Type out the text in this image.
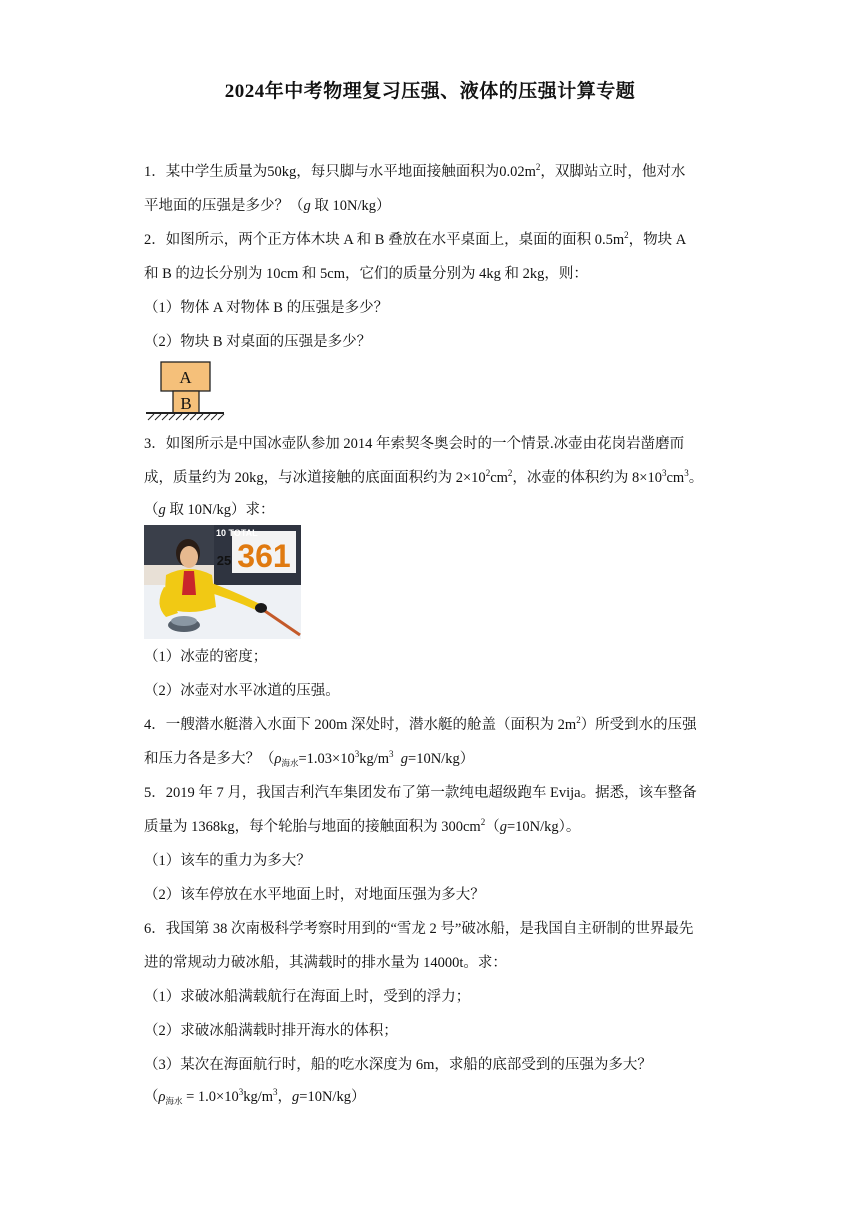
2024年中考物理复习压强、液体的压强计算专题
1．某中学生质量为50kg，每只脚与水平地面接触面积为$0.02m^2$，双脚站立时，他对水
平地面的压强是多少？（g 取 10N/kg）
2．如图所示，两个正方体木块 A 和 B 叠放在水平桌面上，桌面的面积 $0.5m^2$，物块 A
和 B 的边长分别为 10cm 和 5cm，它们的质量分别为 4kg 和 2kg，则：
（1）物体 A 对物体 B 的压强是多少？
（2）物块 B 对桌面的压强是多少？
A
B
3．如图所示是中国冰壶队参加 2014 年索契冬奥会时的一个情景.冰壶由花岗岩凿磨而
成，质量约为 20kg，与冰道接触的底面面积约为 $2\times 10^2cm^2$，冰壶的体积约为 $8\times 10^3cm^3$。
（g 取 10N/kg）求：
361
25
10 TOTAL
（1）冰壶的密度；
（2）冰壶对水平冰道的压强。
4．一艘潜水艇潜入水面下 200m 深处时，潜水艇的舱盖（面积为 $2m^2$）所受到水的压强
和压力各是多大？（$\rho_{海水}=1.03\times 10^3kg/m^3$ g=10N/kg）
5．2019 年 7 月，我国吉利汽车集团发布了第一款纯电超级跑车 Evija。据悉，该车整备
质量为 1368kg，每个轮胎与地面的接触面积为 $300cm^2(g=10N/kg)$。
（1）该车的重力为多大？
（2）该车停放在水平地面上时，对地面压强为多大？
6．我国第 38 次南极科学考察时用到的“雪龙 2 号”破冰船，是我国自主研制的世界最先
进的常规动力破冰船，其满载时的排水量为 14000t。求：
（1）求破冰船满载航行在海面上时，受到的浮力；
（2）求破冰船满载时排开海水的体积；
（3）某次在海面航行时，船的吃水深度为 6m，求船的底部受到的压强为多大？
（$\rho_{海水} = 1.0\times 10^3kg/m^3$，g=10N/kg）
